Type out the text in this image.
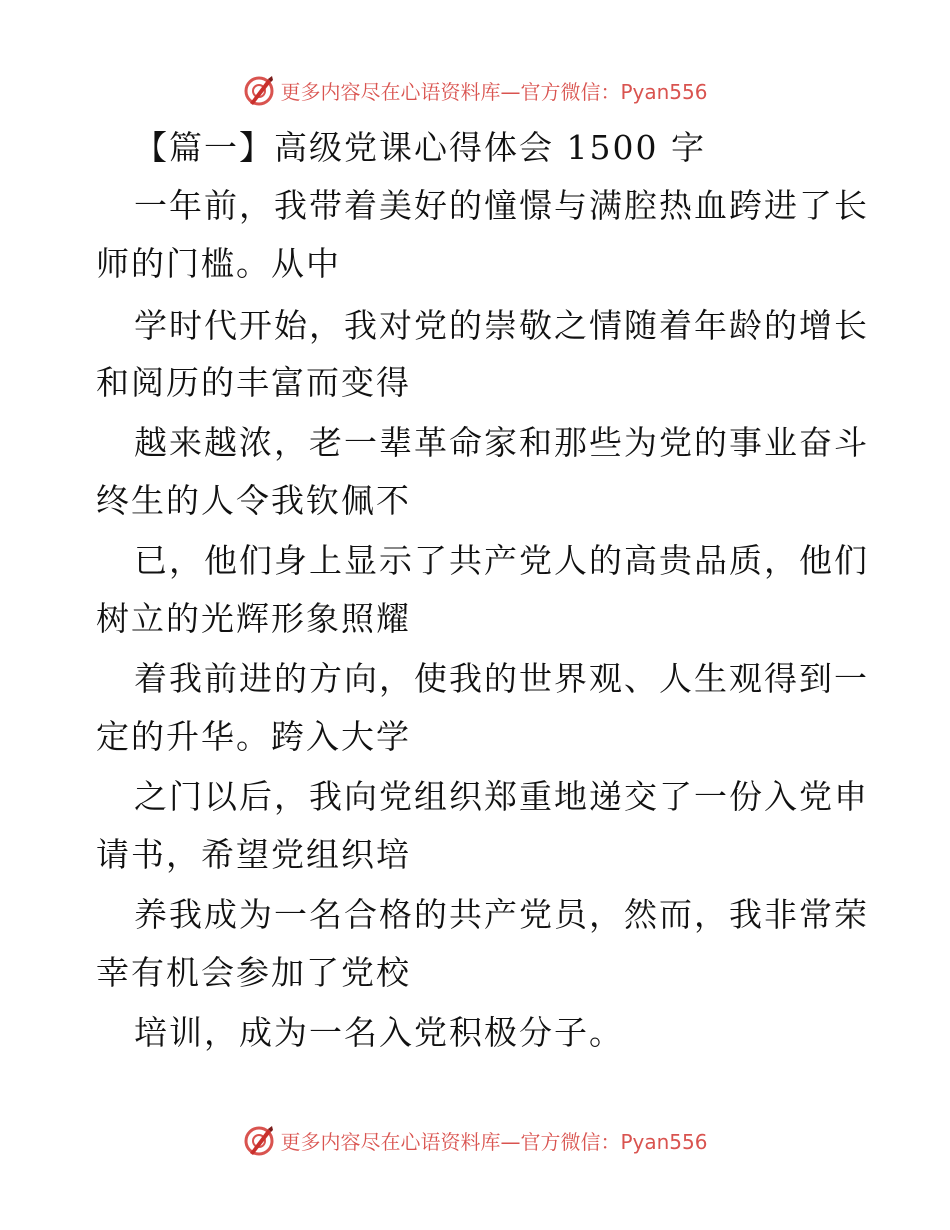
更多内容尽在心语资料库—官方微信：Pyan556
【篇一】高级党课心得体会 1500 字
一年前，我带着美好的憧憬与满腔热血跨进了长
师的门槛。从中
学时代开始，我对党的崇敬之情随着年龄的增长
和阅历的丰富而变得
越来越浓，老一辈革命家和那些为党的事业奋斗
终生的人令我钦佩不
已，他们身上显示了共产党人的高贵品质，他们
树立的光辉形象照耀
着我前进的方向，使我的世界观、人生观得到一
定的升华。跨入大学
之门以后，我向党组织郑重地递交了一份入党申
请书，希望党组织培
养我成为一名合格的共产党员，然而，我非常荣
幸有机会参加了党校
培训，成为一名入党积极分子。
更多内容尽在心语资料库—官方微信：Pyan556
